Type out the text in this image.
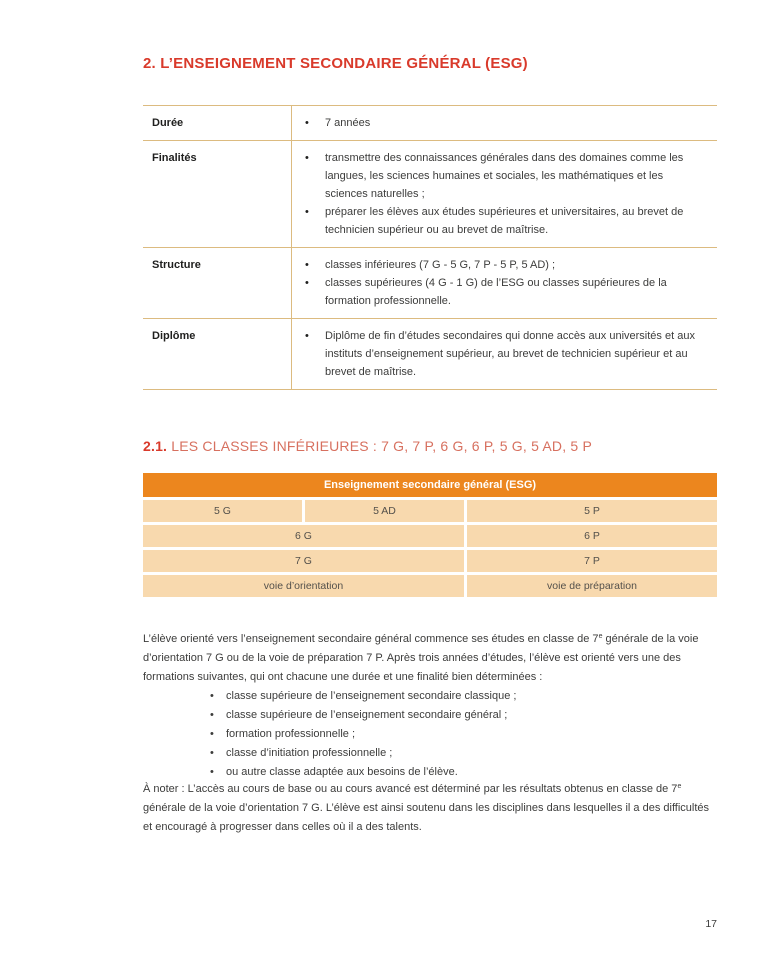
2. L’ENSEIGNEMENT SECONDAIRE GÉNÉRAL (ESG)
Durée	•	7 années
Finalités	•	transmettre des connaissances générales dans des domaines comme les langues, les sciences humaines et sociales, les mathématiques et les sciences naturelles ;
•	préparer les élèves aux études supérieures et universitaires, au brevet de technicien supérieur ou au brevet de maîtrise.
Structure	•	classes inférieures (7 G - 5 G, 7 P - 5 P, 5 AD) ;
•	classes supérieures (4 G - 1 G) de l’ESG ou classes supérieures de la formation professionnelle.
Diplôme	•	Diplôme de fin d’études secondaires qui donne accès aux universités et aux instituts d’enseignement supérieur, au brevet de technicien supérieur et au brevet de maîtrise.
2.1. LES CLASSES INFÉRIEURES : 7 G, 7 P, 6 G, 6 P, 5 G, 5 AD, 5 P
Enseignement secondaire général (ESG)
5 G	5 AD	5 P
6 G	6 P
7 G	7 P
voie d’orientation	voie de préparation
L’élève orienté vers l’enseignement secondaire général commence ses études en classe de 7e générale de la voie d’orientation 7 G ou de la voie de préparation 7 P. Après trois années d’études, l’élève est orienté vers une des formations suivantes, qui ont chacune une durée et une finalité bien déterminées :
•	classe supérieure de l’enseignement secondaire classique ;
•	classe supérieure de l’enseignement secondaire général ;
•	formation professionnelle ;
•	classe d’initiation professionnelle ;
•	ou autre classe adaptée aux besoins de l’élève.
À noter : L’accès au cours de base ou au cours avancé est déterminé par les résultats obtenus en classe de 7e générale de la voie d’orientation 7 G. L’élève est ainsi soutenu dans les disciplines dans lesquelles il a des difficultés et encouragé à progresser dans celles où il a des talents.
17
